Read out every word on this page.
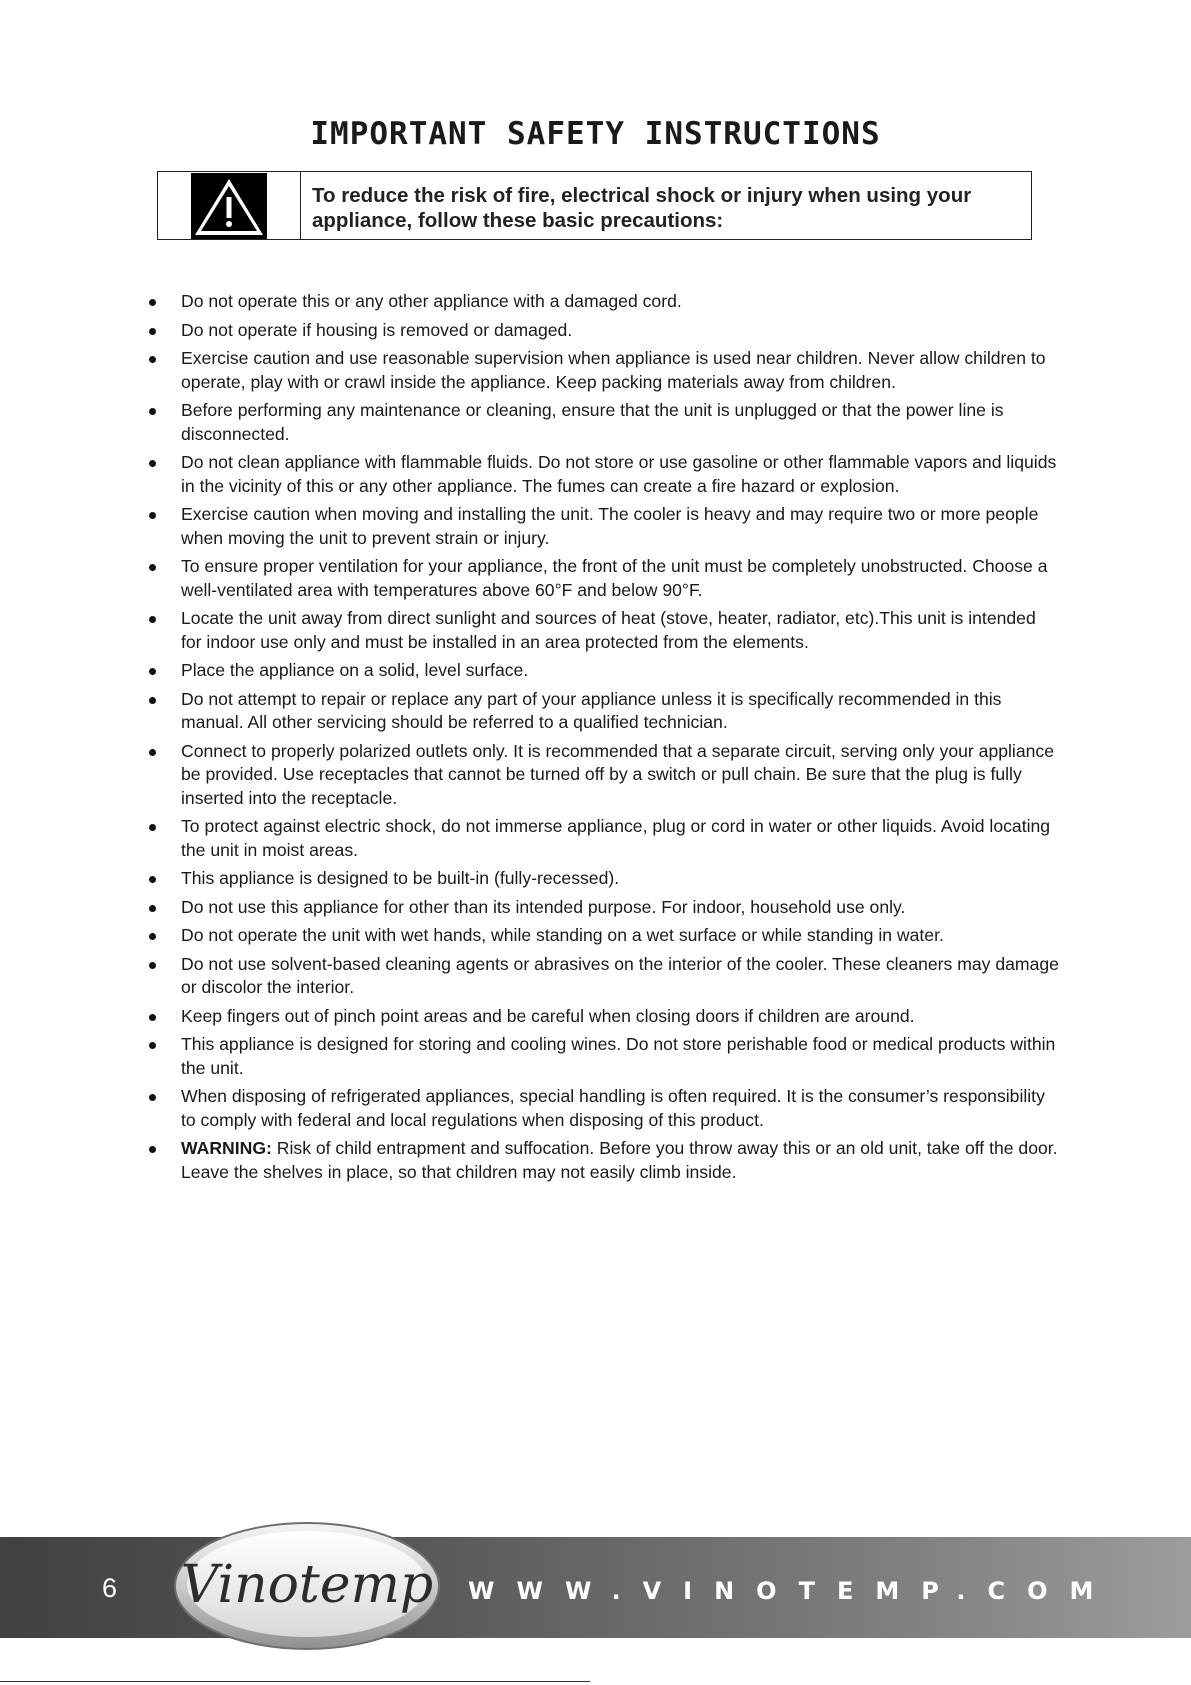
IMPORTANT SAFETY INSTRUCTIONS
To reduce the risk of fire, electrical shock or injury when using your appliance, follow these basic precautions:
Do not operate this or any other appliance with a damaged cord.
Do not operate if housing is removed or damaged.
Exercise caution and use reasonable supervision when appliance is used near children. Never allow children to operate, play with or crawl inside the appliance. Keep packing materials away from children.
Before performing any maintenance or cleaning, ensure that the unit is unplugged or that the power line is disconnected.
Do not clean appliance with flammable fluids. Do not store or use gasoline or other flammable vapors and liquids in the vicinity of this or any other appliance. The fumes can create a fire hazard or explosion.
Exercise caution when moving and installing the unit. The cooler is heavy and may require two or more people when moving the unit to prevent strain or injury.
To ensure proper ventilation for your appliance, the front of the unit must be completely unobstructed. Choose a well-ventilated area with temperatures above 60°F and below 90°F.
Locate the unit away from direct sunlight and sources of heat (stove, heater, radiator, etc).This unit is intended for indoor use only and must be installed in an area protected from the elements.
Place the appliance on a solid, level surface.
Do not attempt to repair or replace any part of your appliance unless it is specifically recommended in this manual. All other servicing should be referred to a qualified technician.
Connect to properly polarized outlets only. It is recommended that a separate circuit, serving only your appliance be provided. Use receptacles that cannot be turned off by a switch or pull chain. Be sure that the plug is fully inserted into the receptacle.
To protect against electric shock, do not immerse appliance, plug or cord in water or other liquids. Avoid locating the unit in moist areas.
This appliance is designed to be built-in (fully-recessed).
Do not use this appliance for other than its intended purpose. For indoor, household use only.
Do not operate the unit with wet hands, while standing on a wet surface or while standing in water.
Do not use solvent-based cleaning agents or abrasives on the interior of the cooler. These cleaners may damage or discolor the interior.
Keep fingers out of pinch point areas and be careful when closing doors if children are around.
This appliance is designed for storing and cooling wines. Do not store perishable food or medical products within the unit.
When disposing of refrigerated appliances, special handling is often required. It is the consumer’s responsibility to comply with federal and local regulations when disposing of this product.
WARNING: Risk of child entrapment and suffocation. Before you throw away this or an old unit, take off the door. Leave the shelves in place, so that children may not easily climb inside.
6 Vinotemp WWW.VINOTEMP.COM
